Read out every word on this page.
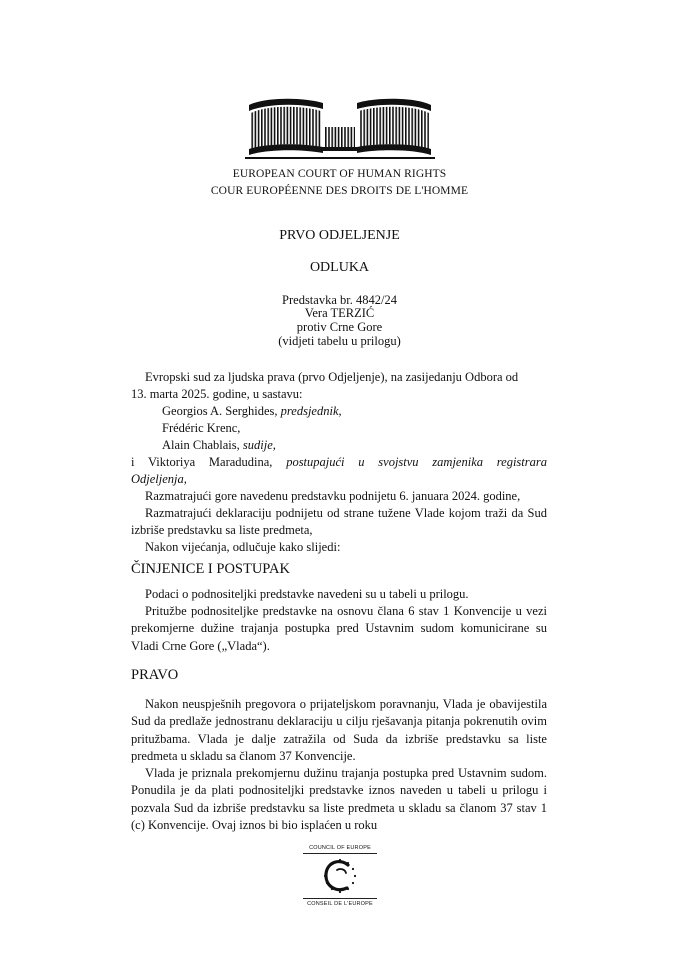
EUROPEAN COURT OF HUMAN RIGHTS
COUR EUROPÉENNE DES DROITS DE L'HOMME
PRVO ODJELJENJE
ODLUKA
Predstavka br. 4842/24
Vera TERZIĆ
protiv Crne Gore
(vidjeti tabelu u prilogu)
Evropski sud za ljudska prava (prvo Odjeljenje), na zasijedanju Odbora od
13. marta 2025. godine, u sastavu:
Georgios A. Serghides, predsjednik,
Frédéric Krenc,
Alain Chablais, sudije,
i Viktoriya Maradudina, postupajući u svojstvu zamjenika registrara
Odjeljenja,
Razmatrajući gore navedenu predstavku podnijetu 6. januara 2024. godine,
Razmatrajući deklaraciju podnijetu od strane tužene Vlade kojom traži da Sud izbriše predstavku sa liste predmeta,
Nakon vijećanja, odlučuje kako slijedi:
ČINJENICE I POSTUPAK
Podaci o podnositeljki predstavke navedeni su u tabeli u prilogu.
Pritužbe podnositeljke predstavke na osnovu člana 6 stav 1 Konvencije u vezi prekomjerne dužine trajanja postupka pred Ustavnim sudom komunicirane su Vladi Crne Gore („Vlada“).
PRAVO
Nakon neuspješnih pregovora o prijateljskom poravnanju, Vlada je obavijestila Sud da predlaže jednostranu deklaraciju u cilju rješavanja pitanja pokrenutih ovim pritužbama. Vlada je dalje zatražila od Suda da izbriše predstavku sa liste predmeta u skladu sa članom 37 Konvencije.
Vlada je priznala prekomjernu dužinu trajanja postupka pred Ustavnim sudom. Ponudila je da plati podnositeljki predstavke iznos naveden u tabeli u prilogu i pozvala Sud da izbriše predstavku sa liste predmeta u skladu sa članom 37 stav 1 (c) Konvencije. Ovaj iznos bi bio isplaćen u roku
COUNCIL OF EUROPE
CONSEIL DE L'EUROPE
